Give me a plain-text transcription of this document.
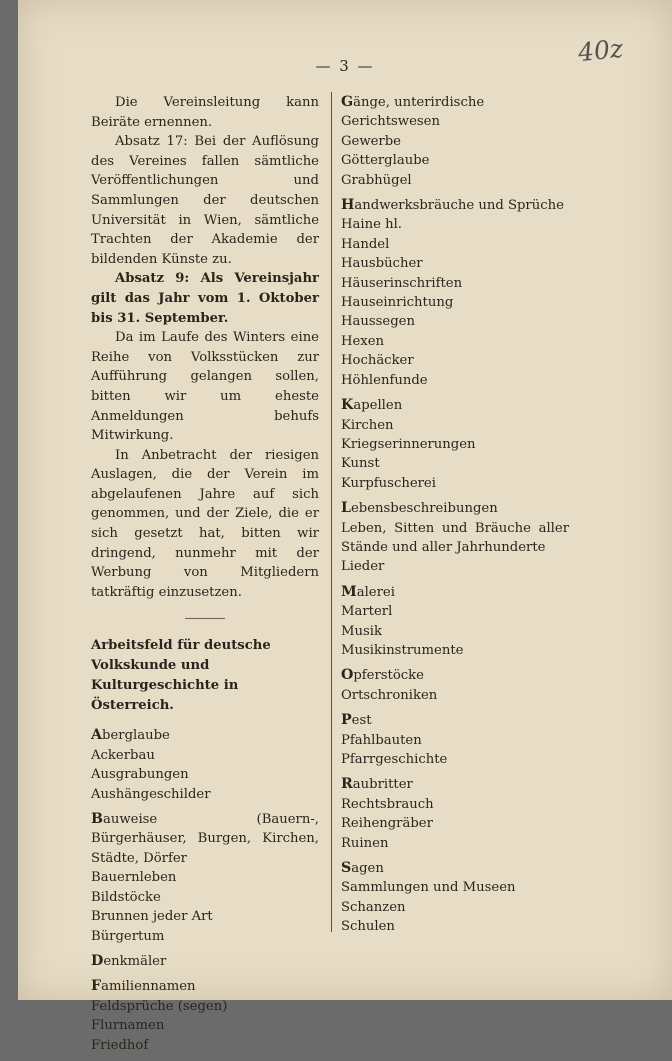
— 3 —	40z

Die Vereinsleitung kann Beiräte ernennen.

Absatz 17: Bei der Auflösung des Vereines fallen sämtliche Veröffentlichungen und Sammlungen der deutschen Universität in Wien, sämtliche Trachten der Akademie der bildenden Künste zu.

Absatz 9: Als Vereinsjahr gilt das Jahr vom 1. Oktober bis 31. September.

Da im Laufe des Winters eine Reihe von Volksstücken zur Aufführung gelangen sollen, bitten wir um eheste Anmeldungen behufs Mitwirkung.

In Anbetracht der riesigen Auslagen, die der Verein im abgelaufenen Jahre auf sich genommen, und der Ziele, die er sich gesetzt hat, bitten wir dringend, nunmehr mit der Werbung von Mitgliedern tatkräftig einzusetzen.

Arbeitsfeld für deutsche Volkskunde und Kulturgeschichte in Österreich.
Aberglaube
Ackerbau
Ausgrabungen
Aushängeschilder
Bauweise (Bauern-, Bürgerhäuser, Burgen, Kirchen, Städte, Dörfer
Bauernleben
Bildstöcke
Brunnen jeder Art
Bürgertum
Denkmäler
Familiennamen
Feldsprüche (segen)
Flurnamen
Friedhof
Gänge, unterirdische
Gerichtswesen
Gewerbe
Götterglaube
Grabhügel
Handwerksbräuche und Sprüche
Haine hl.
Handel
Hausbücher
Häuserinschriften
Hauseinrichtung
Haussegen
Hexen
Hochäcker
Höhlenfunde
Kapellen
Kirchen
Kriegserinnerungen
Kunst
Kurpfuscherei
Lebensbeschreibungen
Leben, Sitten und Bräuche aller Stände und aller Jahrhunderte
Lieder
Malerei
Marterl
Musik
Musikinstrumente
Opferstöcke
Ortschroniken
Pest
Pfahlbauten
Pfarrgeschichte
Raubritter
Rechtsbrauch
Reihengräber
Ruinen
Sagen
Sammlungen und Museen
Schanzen
Schulen
